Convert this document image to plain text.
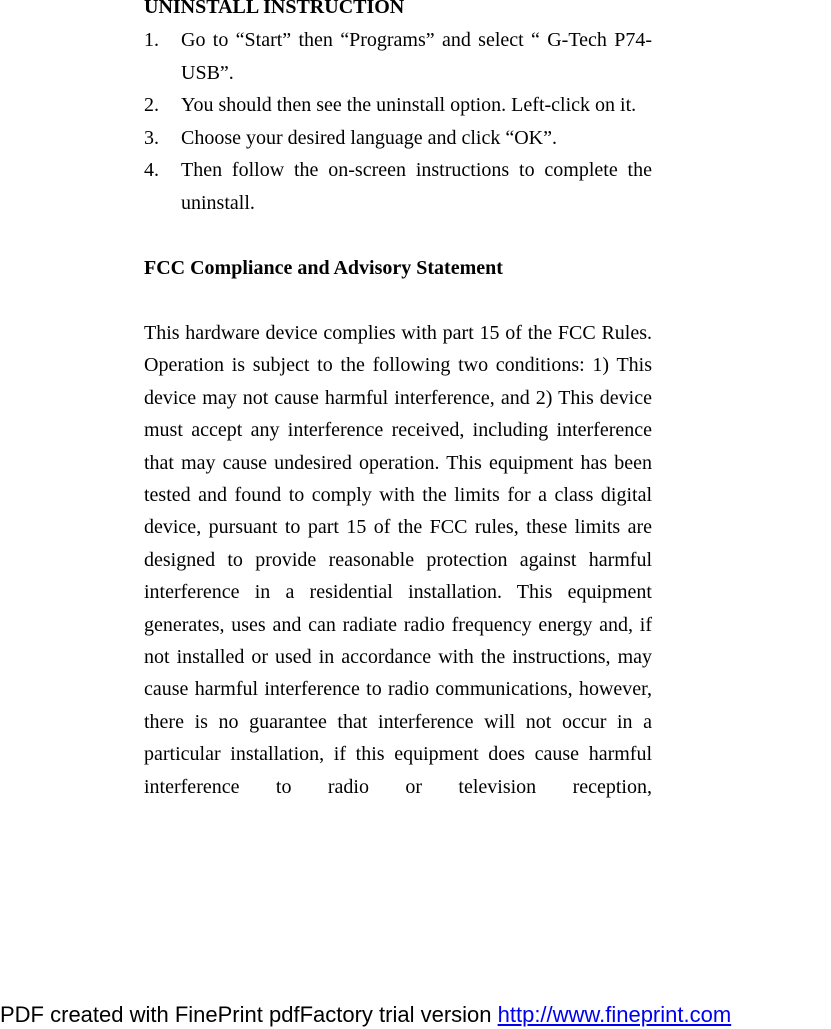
UNINSTALL INSTRUCTION
1. Go to “Start” then “Programs” and select “ G-Tech P74-USB”.
2. You should then see the uninstall option. Left-click on it.
3. Choose your desired language and click “OK”.
4. Then follow the on-screen instructions to complete the uninstall.
FCC Compliance and Advisory Statement
This hardware device complies with part 15 of the FCC Rules. Operation is subject to the following two conditions: 1) This device may not cause harmful interference, and 2) This device must accept any interference received, including interference that may cause undesired operation. This equipment has been tested and found to comply with the limits for a class digital device, pursuant to part 15 of the FCC rules, these limits are designed to provide reasonable protection against harmful interference in a residential installation. This equipment generates, uses and can radiate radio frequency energy and, if not installed or used in accordance with the instructions, may cause harmful interference to radio communications, however, there is no guarantee that interference will not occur in a particular installation, if this equipment does cause harmful interference to radio or television reception,
PDF created with FinePrint pdfFactory trial version http://www.fineprint.com
